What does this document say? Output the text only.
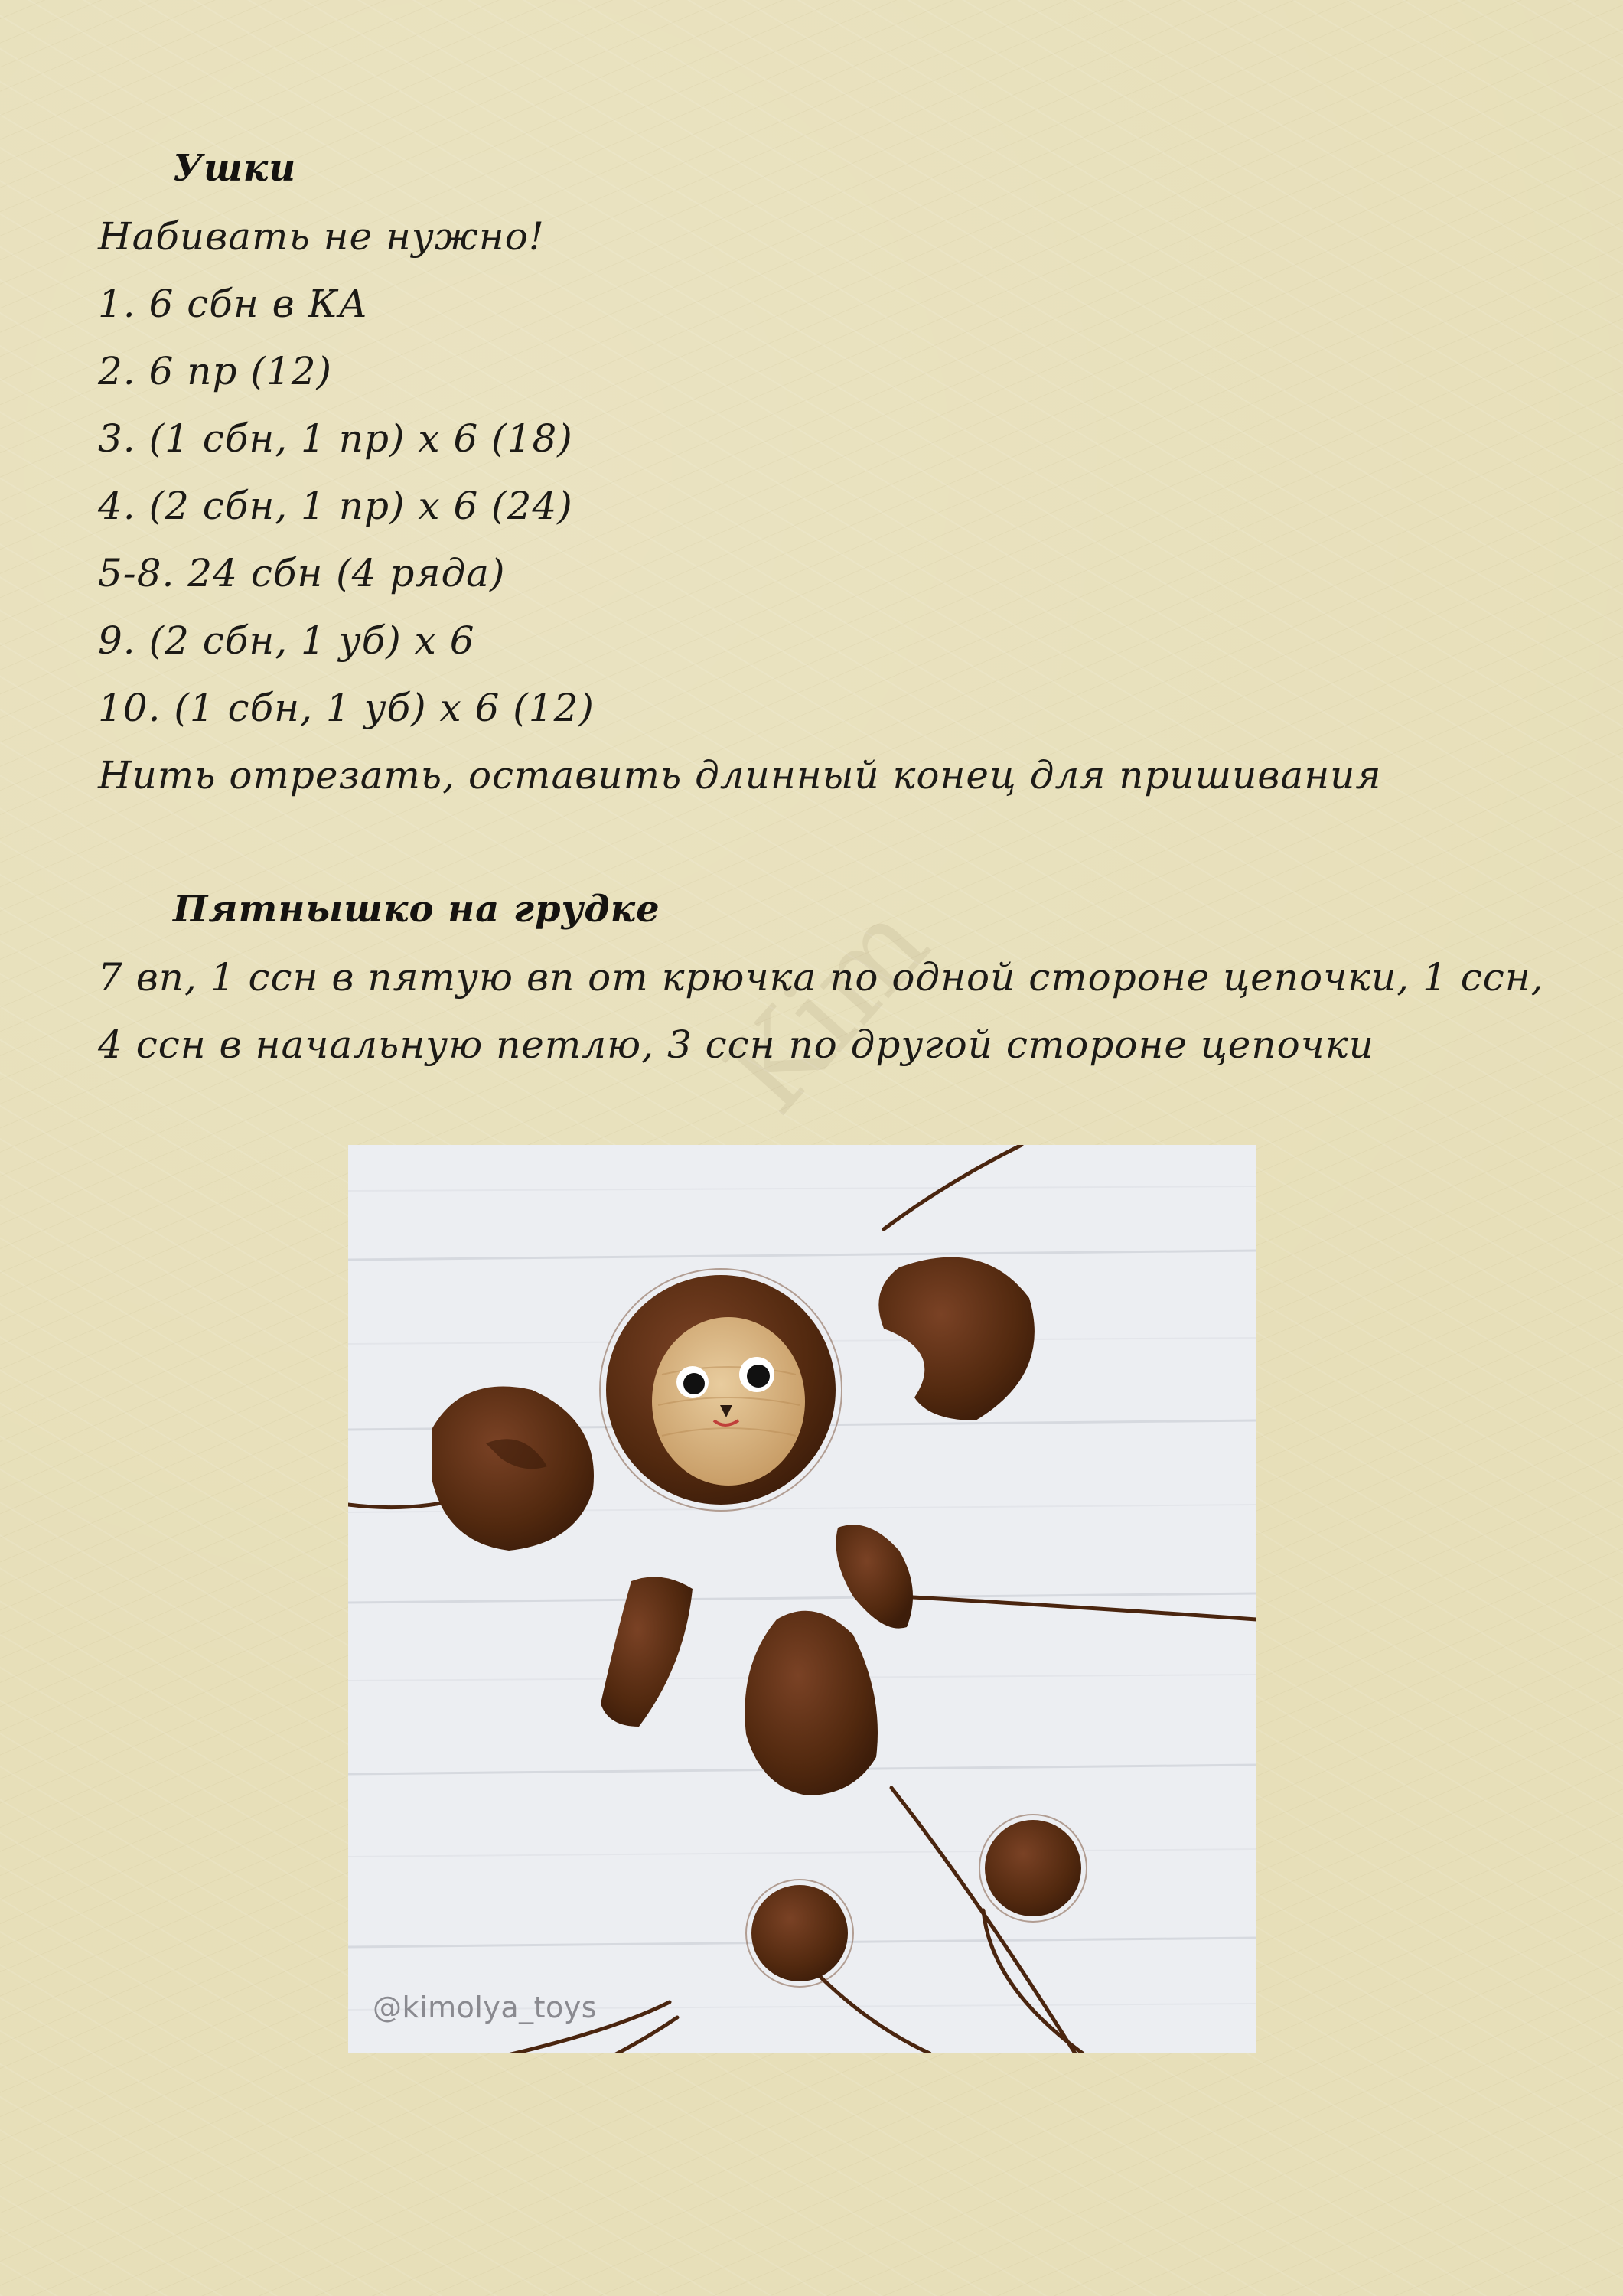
Kim
Ушки

Набивать не нужно!

1. 6 сбн в КА

2. 6 пр (12)

3. (1 сбн, 1 пр) х 6 (18)

4. (2 сбн, 1 пр) х 6 (24)

5-8. 24 сбн (4 ряда)

9. (2 сбн, 1 уб) х 6

10. (1 сбн, 1 уб) х 6 (12)

Нить отрезать, оставить длинный конец для пришивания

Пятнышко на грудке

7 вп, 1 ссн в пятую вп от крючка по одной стороне цепочки, 1 ссн,

4 ссн в начальную петлю, 3 ссн по другой стороне цепочки

@kimolya_toys
